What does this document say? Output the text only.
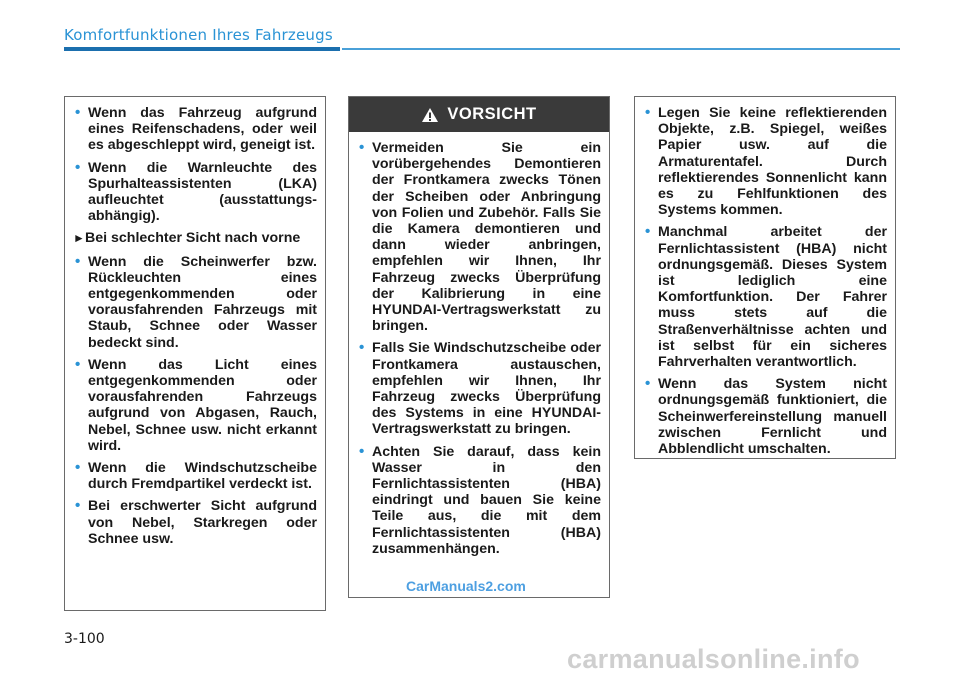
Komfortfunktionen Ihres Fahrzeugs
• Wenn das Fahrzeug aufgrund eines Reifenschadens, oder weil es abgeschleppt wird, geneigt ist.
• Wenn die Warnleuchte des Spurhalteassistenten (LKA) aufleuchtet (ausstattungs-abhängig).
► Bei schlechter Sicht nach vorne
• Wenn die Scheinwerfer bzw. Rückleuchten eines entgegenkommenden oder vorausfahrenden Fahrzeugs mit Staub, Schnee oder Wasser bedeckt sind.
• Wenn das Licht eines entgegenkommenden oder vorausfahrenden Fahrzeugs aufgrund von Abgasen, Rauch, Nebel, Schnee usw. nicht erkannt wird.
• Wenn die Windschutzscheibe durch Fremdpartikel verdeckt ist.
• Bei erschwerter Sicht aufgrund von Nebel, Starkregen oder Schnee usw.
VORSICHT
• Vermeiden Sie ein vorübergehendes Demontieren der Frontkamera zwecks Tönen der Scheiben oder Anbringung von Folien und Zubehör. Falls Sie die Kamera demontieren und dann wieder anbringen, empfehlen wir Ihnen, Ihr Fahrzeug zwecks Überprüfung der Kalibrierung in eine HYUNDAI-Vertragswerkstatt zu bringen.
• Falls Sie Windschutzscheibe oder Frontkamera austauschen, empfehlen wir Ihnen, Ihr Fahrzeug zwecks Überprüfung des Systems in eine HYUNDAI-Vertragswerkstatt zu bringen.
• Achten Sie darauf, dass kein Wasser in den Fernlichtassistenten (HBA) eindringt und bauen Sie keine Teile aus, die mit dem Fernlichtassistenten (HBA) zusammenhängen.
• Legen Sie keine reflektierenden Objekte, z.B. Spiegel, weißes Papier usw. auf die Armaturentafel. Durch reflektierendes Sonnenlicht kann es zu Fehlfunktionen des Systems kommen.
• Manchmal arbeitet der Fernlichtassistent (HBA) nicht ordnungsgemäß. Dieses System ist lediglich eine Komfortfunktion. Der Fahrer muss stets auf die Straßenverhältnisse achten und ist selbst für ein sicheres Fahrverhalten verantwortlich.
• Wenn das System nicht ordnungsgemäß funktioniert, die Scheinwerfereinstellung manuell zwischen Fernlicht und Abblendlicht umschalten.
CarManuals2.com
3-100
carmanualsonline.info
